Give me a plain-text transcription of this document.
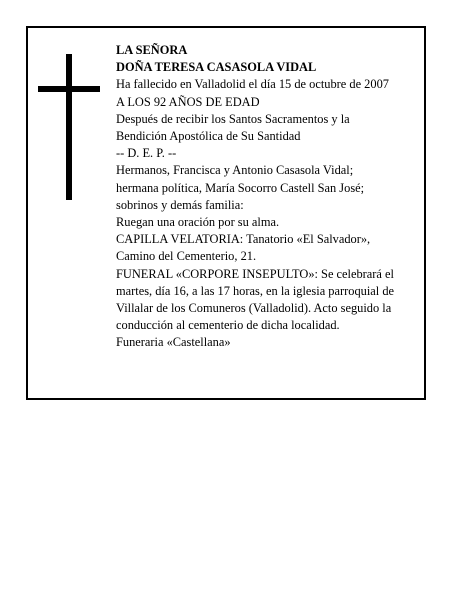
LA SEÑORA
DOÑA TERESA CASASOLA VIDAL
Ha fallecido en Valladolid el día 15 de octubre de 2007
A LOS 92 AÑOS DE EDAD
Después de recibir los Santos Sacramentos y la
Bendición Apostólica de Su Santidad
-- D. E. P. --
Hermanos, Francisca y Antonio Casasola Vidal;
hermana política, María Socorro Castell San José;
sobrinos y demás familia:
Ruegan una oración por su alma.
CAPILLA VELATORIA: Tanatorio «El Salvador»,
Camino del Cementerio, 21.
FUNERAL «CORPORE INSEPULTO»: Se celebrará el
martes, día 16, a las 17 horas, en la iglesia parroquial de
Villalar de los Comuneros (Valladolid). Acto seguido la
conducción al cementerio de dicha localidad.
Funeraria «Castellana»
